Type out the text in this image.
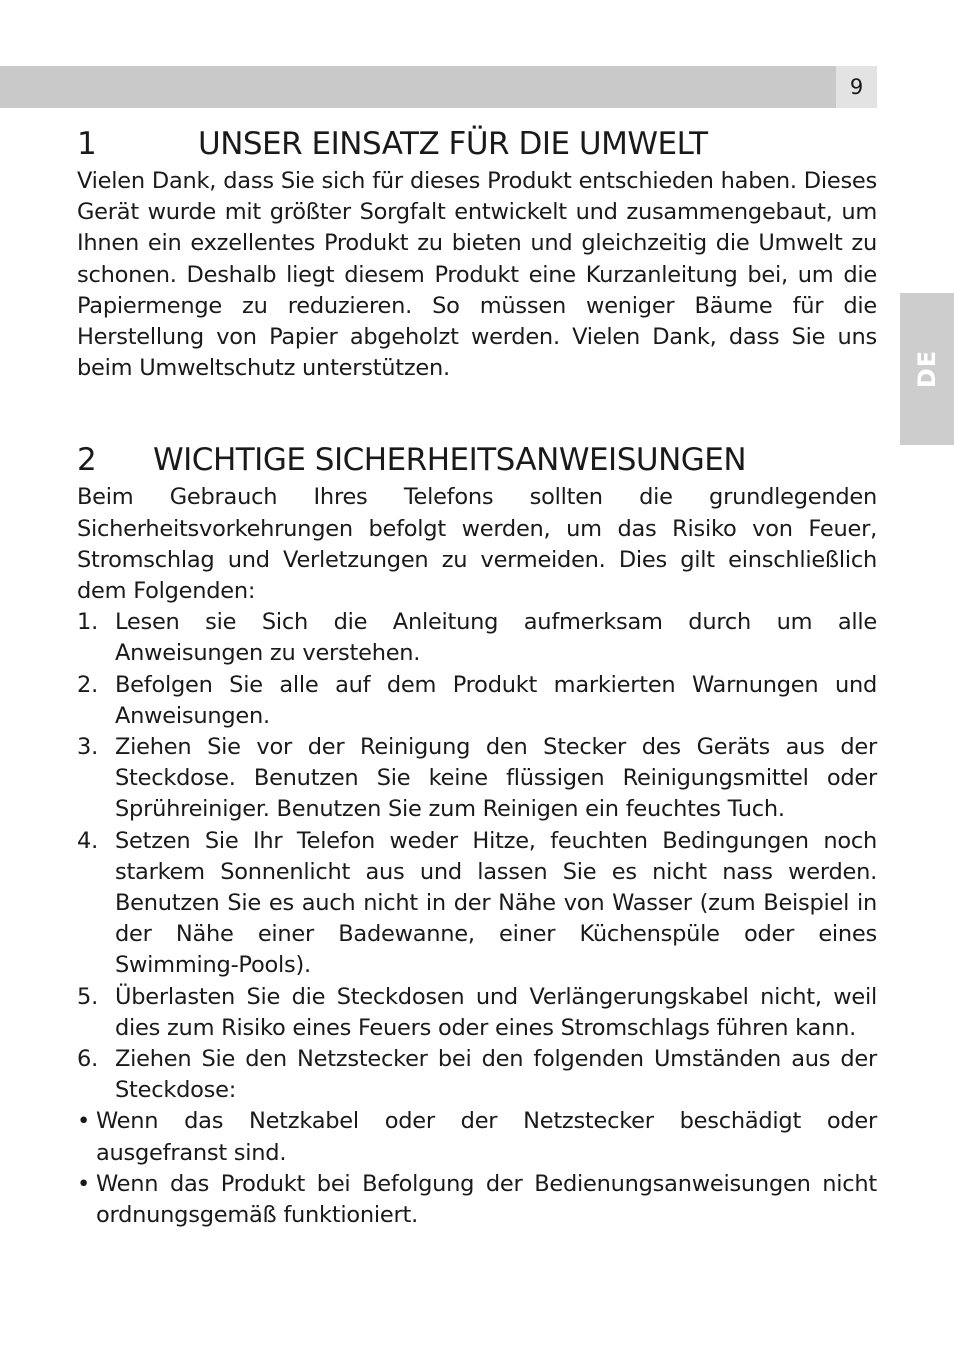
9
DE
1	UNSER EINSATZ FÜR DIE UMWELT

Vielen Dank, dass Sie sich für dieses Produkt entschieden haben. Dieses Gerät wurde mit größter Sorgfalt entwickelt und zusammengebaut, um Ihnen ein exzellentes Produkt zu bieten und gleichzeitig die Umwelt zu schonen. Deshalb liegt diesem Produkt eine Kurzanleitung bei, um die Papiermenge zu reduzieren. So müssen weniger Bäume für die Herstellung von Papier abgeholzt werden. Vielen Dank, dass Sie uns beim Umweltschutz unterstützen.

2 WICHTIGE SICHERHEITSANWEISUNGEN

Beim Gebrauch Ihres Telefons sollten die grundlegenden Sicherheitsvorkehrungen befolgt werden, um das Risiko von Feuer, Stromschlag und Verletzungen zu vermeiden. Dies gilt einschließlich dem Folgenden:

1. Lesen sie Sich die Anleitung aufmerksam durch um alle Anweisungen zu verstehen.
2. Befolgen Sie alle auf dem Produkt markierten Warnungen und Anweisungen.
3. Ziehen Sie vor der Reinigung den Stecker des Geräts aus der Steckdose. Benutzen Sie keine flüssigen Reinigungsmittel oder Sprühreiniger. Benutzen Sie zum Reinigen ein feuchtes Tuch.
4. Setzen Sie Ihr Telefon weder Hitze, feuchten Bedingungen noch starkem Sonnenlicht aus und lassen Sie es nicht nass werden. Benutzen Sie es auch nicht in der Nähe von Wasser (zum Beispiel in der Nähe einer Badewanne, einer Küchenspüle oder eines Swimming-Pools).
5. Überlasten Sie die Steckdosen und Verlängerungskabel nicht, weil dies zum Risiko eines Feuers oder eines Stromschlags führen kann.
6. Ziehen Sie den Netzstecker bei den folgenden Umständen aus der Steckdose:
• Wenn das Netzkabel oder der Netzstecker beschädigt oder ausgefranst sind.
• Wenn das Produkt bei Befolgung der Bedienungsanweisungen nicht ordnungsgemäß funktioniert.
